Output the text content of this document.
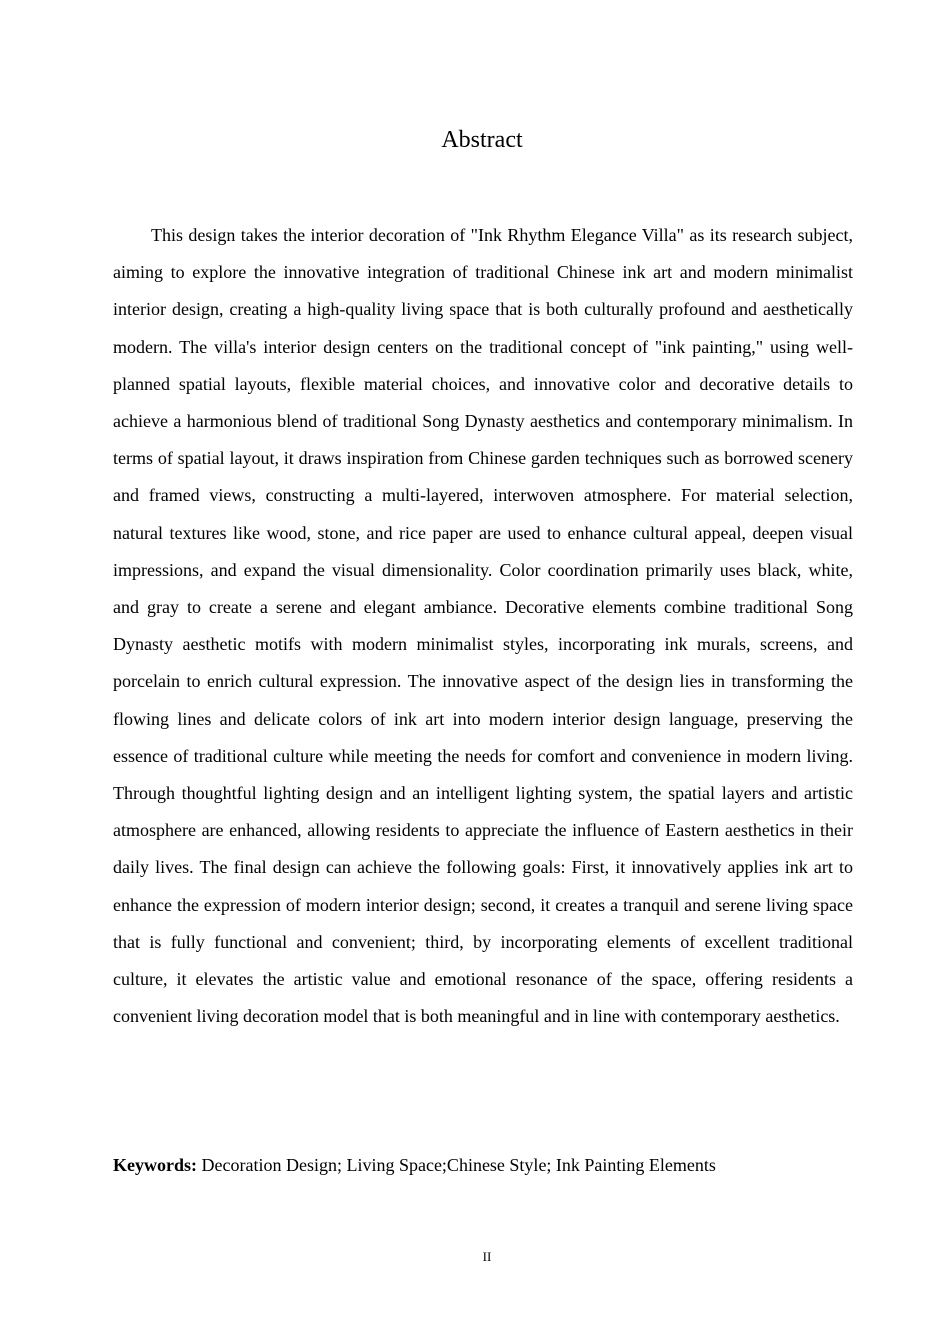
Abstract

This design takes the interior decoration of "Ink Rhythm Elegance Villa" as its research subject, aiming to explore the innovative integration of traditional Chinese ink art and modern minimalist interior design, creating a high-quality living space that is both culturally profound and aesthetically modern. The villa's interior design centers on the traditional concept of "ink painting," using well-planned spatial layouts, flexible material choices, and innovative color and decorative details to achieve a harmonious blend of traditional Song Dynasty aesthetics and contemporary minimalism. In terms of spatial layout, it draws inspiration from Chinese garden techniques such as borrowed scenery and framed views, constructing a multi-layered, interwoven atmosphere. For material selection, natural textures like wood, stone, and rice paper are used to enhance cultural appeal, deepen visual impressions, and expand the visual dimensionality. Color coordination primarily uses black, white, and gray to create a serene and elegant ambiance. Decorative elements combine traditional Song Dynasty aesthetic motifs with modern minimalist styles, incorporating ink murals, screens, and porcelain to enrich cultural expression. The innovative aspect of the design lies in transforming the flowing lines and delicate colors of ink art into modern interior design language, preserving the essence of traditional culture while meeting the needs for comfort and convenience in modern living. Through thoughtful lighting design and an intelligent lighting system, the spatial layers and artistic atmosphere are enhanced, allowing residents to appreciate the influence of Eastern aesthetics in their daily lives. The final design can achieve the following goals: First, it innovatively applies ink art to enhance the expression of modern interior design; second, it creates a tranquil and serene living space that is fully functional and convenient; third, by incorporating elements of excellent traditional culture, it elevates the artistic value and emotional resonance of the space, offering residents a convenient living decoration model that is both meaningful and in line with contemporary aesthetics.

Keywords: Decoration Design; Living Space;Chinese Style; Ink Painting Elements

II
